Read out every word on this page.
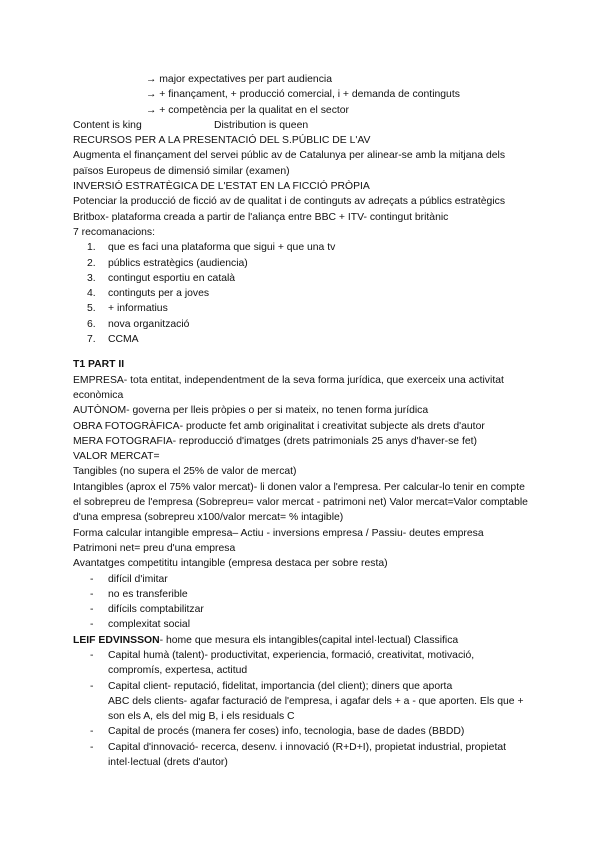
→ major expectatives per part audiencia
→ + finançament, + producció comercial, i + demanda de continguts
→ + competència per la qualitat en el sector
Content is king	Distribution is queen
RECURSOS PER A LA PRESENTACIÓ DEL S.PÚBLIC DE L'AV
Augmenta el finançament del servei públic av de Catalunya per alinear-se amb la mitjana dels països Europeus de dimensió similar (examen)
INVERSIÓ ESTRATÈGICA DE L'ESTAT EN LA FICCIÓ PRÒPIA
Potenciar la producció de ficció av de qualitat i de continguts av adreçats a públics estratègics
Britbox- plataforma creada a partir de l'aliança entre BBC + ITV- contingut britànic
7 recomanacions:
1. que es faci una plataforma que sigui + que una tv
2. públics estratègics (audiencia)
3. contingut esportiu en català
4. continguts per a joves
5. + informatius
6. nova organització
7. CCMA
T1 PART II
EMPRESA- tota entitat, independentment de la seva forma jurídica, que exerceix una activitat econòmica
AUTÒNOM- governa per lleis pròpies o per si mateix, no tenen forma jurídica
OBRA FOTOGRÀFICA- producte fet amb originalitat i creativitat subjecte als drets d'autor
MERA FOTOGRAFIA- reproducció d'imatges (drets patrimonials 25 anys d'haver-se fet)
VALOR MERCAT=
Tangibles (no supera el 25% de valor de mercat)
Intangibles (aprox el 75% valor mercat)- li donen valor a l'empresa. Per calcular-lo tenir en compte el sobrepreu de l'empresa (Sobrepreu= valor mercat - patrimoni net) Valor mercat=Valor comptable d'una empresa (sobrepreu x100/valor mercat= % intagible)
Forma calcular intangible empresa– Actiu - inversions empresa / Passiu- deutes empresa
Patrimoni net= preu d'una empresa
Avantatges competititu intangible (empresa destaca per sobre resta)
- difícil d'imitar
- no es transferible
- difícils comptabilitzar
- complexitat social
LEIF EDVINSSON- home que mesura els intangibles(capital intel·lectual) Classifica
- Capital humà (talent)- productivitat, experiencia, formació, creativitat, motivació, compromís, expertesa, actitud
- Capital client- reputació, fidelitat, importancia (del client); diners que aporta
ABC dels clients- agafar facturació de l'empresa, i agafar dels + a - que aporten. Els que + son els A, els del mig B, i els residuals C
- Capital de procés (manera fer coses) info, tecnologia, base de dades (BBDD)
- Capital d'innovació- recerca, desenv. i innovació (R+D+I), propietat industrial, propietat intel·lectual (drets d'autor)
